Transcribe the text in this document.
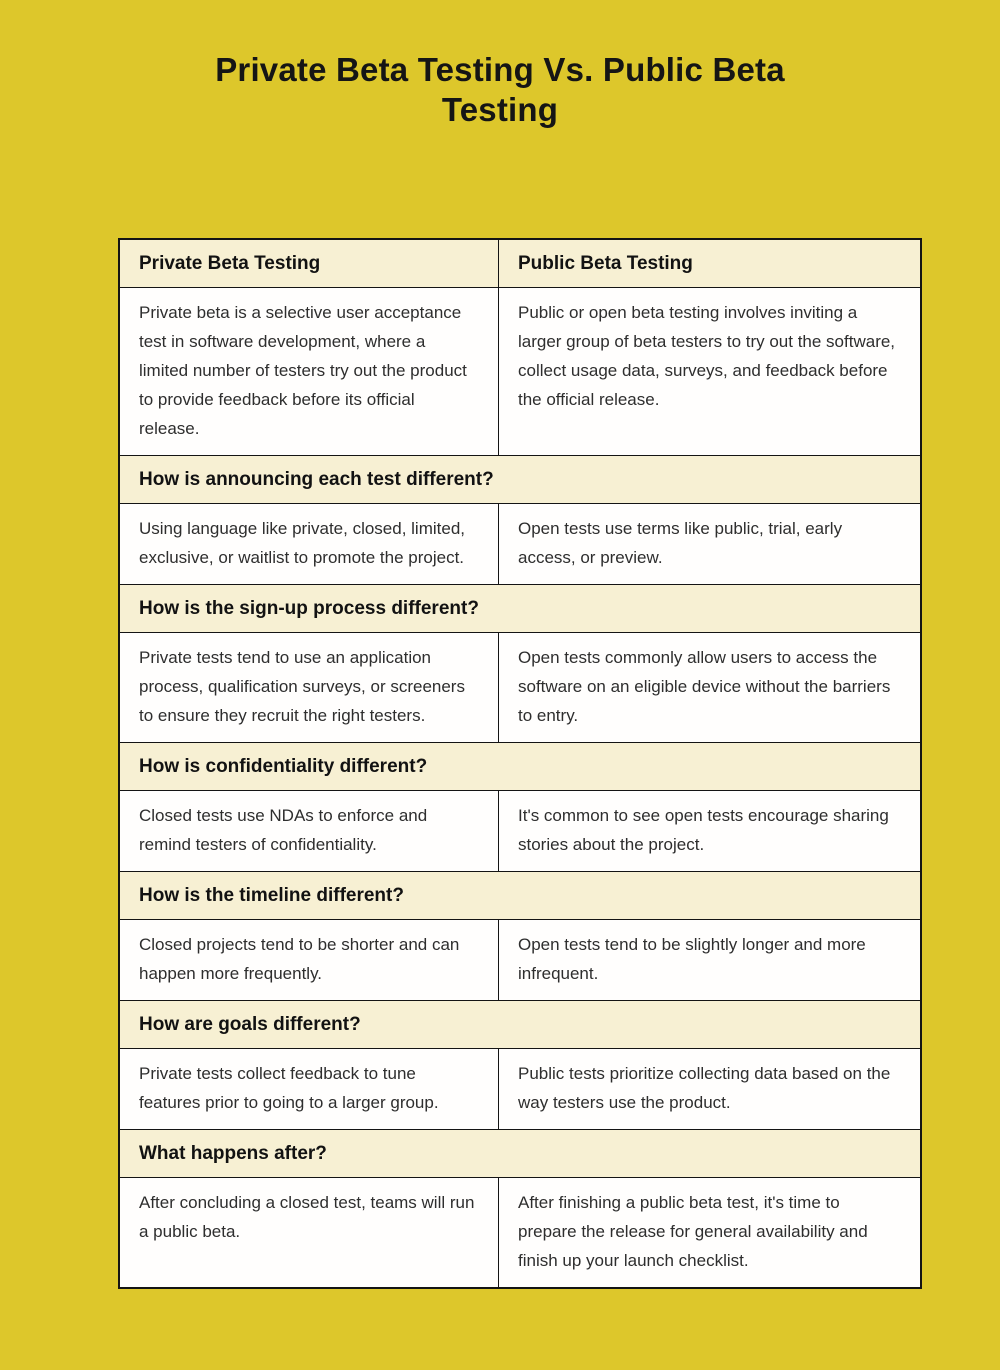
Private Beta Testing Vs. Public Beta Testing
Private Beta Testing	Public Beta Testing
Private beta is a selective user acceptance test in software development, where a limited number of testers try out the product to provide feedback before its official release.
Public or open beta testing involves inviting a larger group of beta testers to try out the software, collect usage data, surveys, and feedback before the official release.
How is announcing each test different?
Using language like private, closed, limited, exclusive, or waitlist to promote the project.
Open tests use terms like public, trial, early access, or preview.
How is the sign-up process different?
Private tests tend to use an application process, qualification surveys, or screeners to ensure they recruit the right testers.
Open tests commonly allow users to access the software on an eligible device without the barriers to entry.
How is confidentiality different?
Closed tests use NDAs to enforce and remind testers of confidentiality.
It's common to see open tests encourage sharing stories about the project.
How is the timeline different?
Closed projects tend to be shorter and can happen more frequently.
Open tests tend to be slightly longer and more infrequent.
How are goals different?
Private tests collect feedback to tune features prior to going to a larger group.
Public tests prioritize collecting data based on the way testers use the product.
What happens after?
After concluding a closed test, teams will run a public beta.
After finishing a public beta test, it's time to prepare the release for general availability and finish up your launch checklist.
